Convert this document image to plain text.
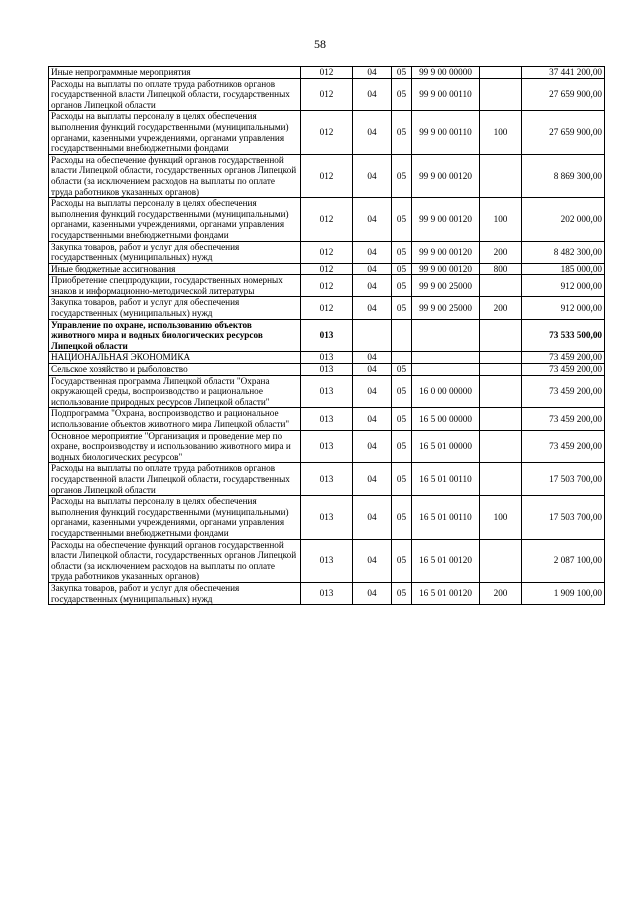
58
Иные непрограммные мероприятия	012	04	05	99 9 00 00000		37 441 200,00
Расходы на выплаты по оплате труда работников органов государственной власти Липецкой области, государственных органов Липецкой области	012	04	05	99 9 00 00110		27 659 900,00
Расходы на выплаты персоналу в целях обеспечения выполнения функций государственными (муниципальными) органами, казенными учреждениями, органами управления государственными внебюджетными фондами	012	04	05	99 9 00 00110	100	27 659 900,00
Расходы на обеспечение функций органов государственной власти Липецкой области, государственных органов Липецкой области (за исключением расходов на выплаты по оплате труда работников указанных органов)	012	04	05	99 9 00 00120		8 869 300,00
Расходы на выплаты персоналу в целях обеспечения выполнения функций государственными (муниципальными) органами, казенными учреждениями, органами управления государственными внебюджетными фондами	012	04	05	99 9 00 00120	100	202 000,00
Закупка товаров, работ и услуг для обеспечения государственных (муниципальных) нужд	012	04	05	99 9 00 00120	200	8 482 300,00
Иные бюджетные ассигнования	012	04	05	99 9 00 00120	800	185 000,00
Приобретение спецпродукции, государственных номерных знаков и информационно-методической литературы	012	04	05	99 9 00 25000		912 000,00
Закупка товаров, работ и услуг для обеспечения государственных (муниципальных) нужд	012	04	05	99 9 00 25000	200	912 000,00
Управление по охране, использованию объектов животного мира и водных биологических ресурсов Липецкой области	013					73 533 500,00
НАЦИОНАЛЬНАЯ ЭКОНОМИКА	013	04				73 459 200,00
Сельское хозяйство и рыболовство	013	04	05			73 459 200,00
Государственная программа Липецкой области "Охрана окружающей среды, воспроизводство и рациональное использование природных ресурсов Липецкой области"	013	04	05	16 0 00 00000		73 459 200,00
Подпрограмма "Охрана, воспроизводство и рациональное использование объектов животного мира Липецкой области"	013	04	05	16 5 00 00000		73 459 200,00
Основное мероприятие "Организация и проведение мер по охране, воспроизводству и использованию животного мира и водных биологических ресурсов"	013	04	05	16 5 01 00000		73 459 200,00
Расходы на выплаты по оплате труда работников органов государственной власти Липецкой области, государственных органов Липецкой области	013	04	05	16 5 01 00110		17 503 700,00
Расходы на выплаты персоналу в целях обеспечения выполнения функций государственными (муниципальными) органами, казенными учреждениями, органами управления государственными внебюджетными фондами	013	04	05	16 5 01 00110	100	17 503 700,00
Расходы на обеспечение функций органов государственной власти Липецкой области, государственных органов Липецкой области (за исключением расходов на выплаты по оплате труда работников указанных органов)	013	04	05	16 5 01 00120		2 087 100,00
Закупка товаров, работ и услуг для обеспечения государственных (муниципальных) нужд	013	04	05	16 5 01 00120	200	1 909 100,00
